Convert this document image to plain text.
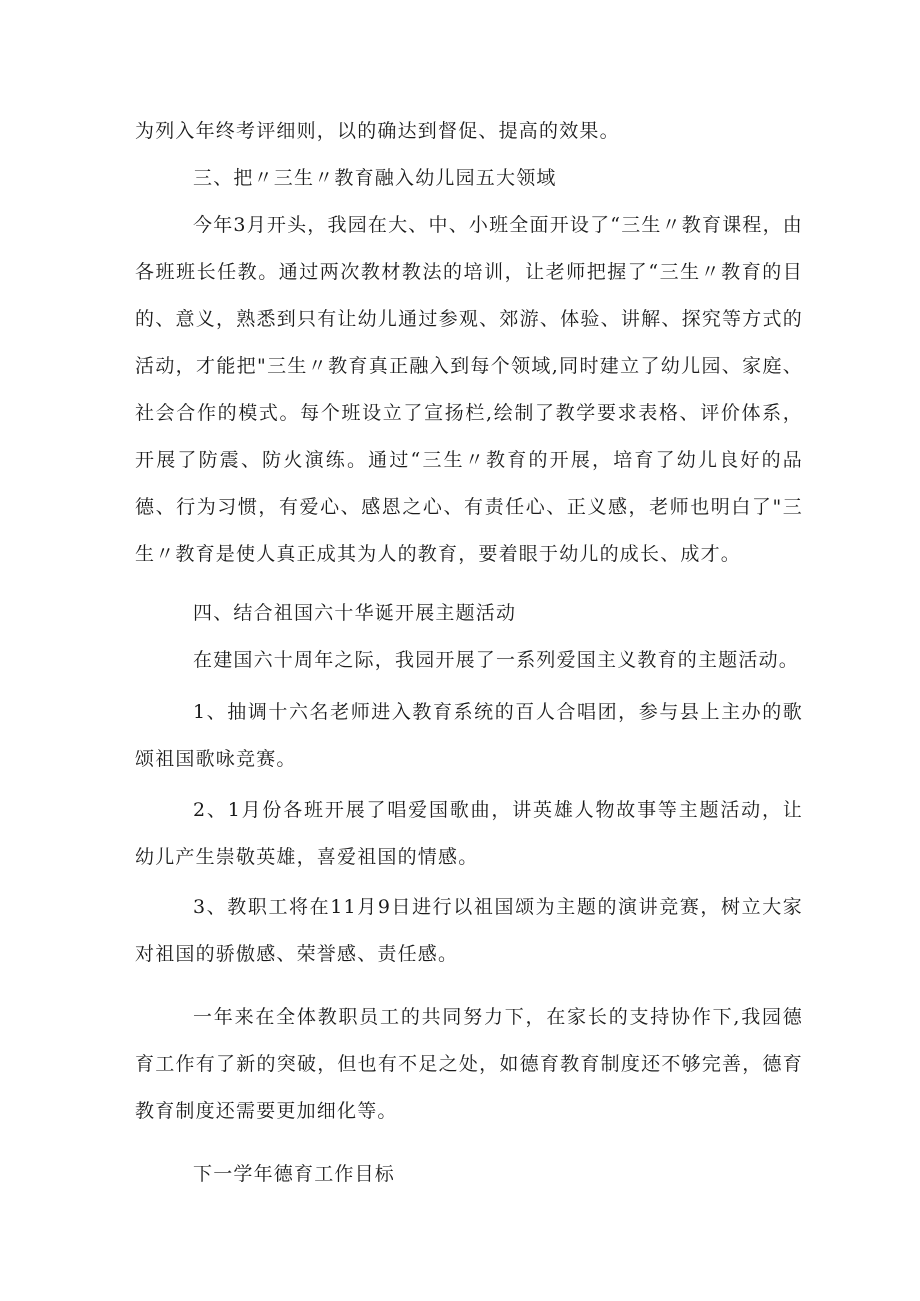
为列入年终考评细则，以的确达到督促、提高的效果。

三、把〃三生〃教育融入幼儿园五大领域

今年3月开头，我园在大、中、小班全面开设了“三生〃教育课程，由各班班长任教。通过两次教材教法的培训，让老师把握了“三生〃教育的目的、意义，熟悉到只有让幼儿通过参观、郊游、体验、讲解、探究等方式的活动，才能把"三生〃教育真正融入到每个领域,同时建立了幼儿园、家庭、社会合作的模式。每个班设立了宣扬栏,绘制了教学要求表格、评价体系，开展了防震、防火演练。通过“三生〃教育的开展，培育了幼儿良好的品德、行为习惯，有爱心、感恩之心、有责任心、正义感，老师也明白了"三生〃教育是使人真正成其为人的教育，要着眼于幼儿的成长、成才。

四、结合祖国六十华诞开展主题活动

在建国六十周年之际，我园开展了一系列爱国主义教育的主题活动。

1、抽调十六名老师进入教育系统的百人合唱团，参与县上主办的歌颂祖国歌咏竞赛。

2、1月份各班开展了唱爱国歌曲，讲英雄人物故事等主题活动，让幼儿产生崇敬英雄，喜爱祖国的情感。

3、教职工将在11月9日进行以祖国颂为主题的演讲竞赛，树立大家对祖国的骄傲感、荣誉感、责任感。

一年来在全体教职员工的共同努力下，在家长的支持协作下,我园德育工作有了新的突破，但也有不足之处，如德育教育制度还不够完善，德育教育制度还需要更加细化等。

下一学年德育工作目标
